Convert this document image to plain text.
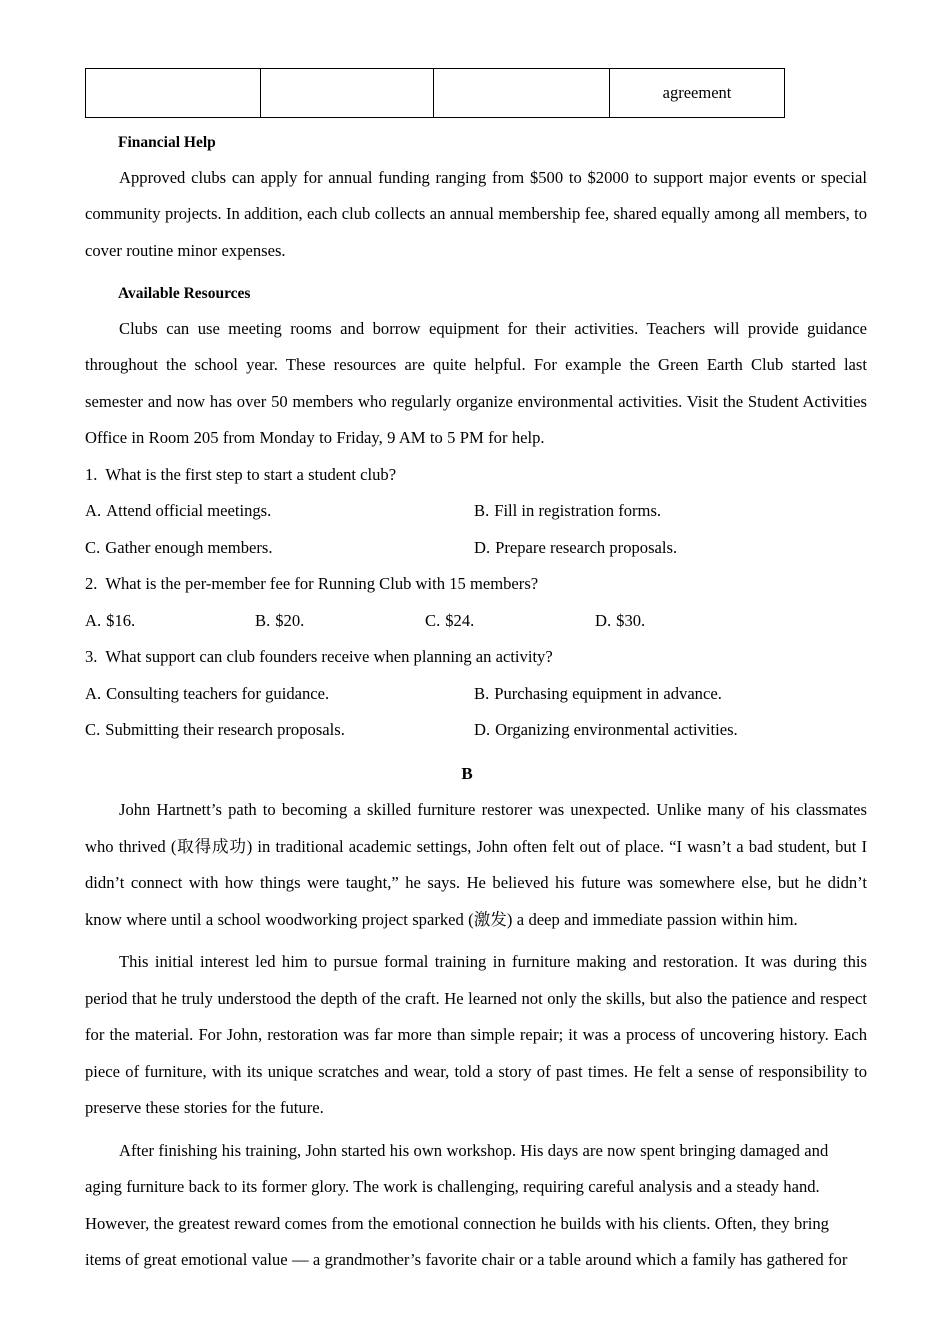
			agreement
Financial Help

Approved clubs can apply for annual funding ranging from $500 to $2000 to support major events or special community projects. In addition, each club collects an annual membership fee, shared equally among all members, to cover routine minor expenses.

Available Resources

Clubs can use meeting rooms and borrow equipment for their activities. Teachers will provide guidance throughout the school year. These resources are quite helpful. For example the Green Earth Club started last semester and now has over 50 members who regularly organize environmental activities. Visit the Student Activities Office in Room 205 from Monday to Friday, 9 AM to 5 PM for help.

1. What is the first step to start a student club?
A. Attend official meetings.	B. Fill in registration forms.
C. Gather enough members.	D. Prepare research proposals.
2. What is the per-member fee for Running Club with 15 members?
A. $16.	B. $20.	C. $24.	D. $30.
3. What support can club founders receive when planning an activity?
A. Consulting teachers for guidance.	B. Purchasing equipment in advance.
C. Submitting their research proposals.	D. Organizing environmental activities.
B

John Hartnett’s path to becoming a skilled furniture restorer was unexpected. Unlike many of his classmates who thrived (取得成功) in traditional academic settings, John often felt out of place. “I wasn’t a bad student, but I didn’t connect with how things were taught,” he says. He believed his future was somewhere else, but he didn’t know where until a school woodworking project sparked (激发) a deep and immediate passion within him.

This initial interest led him to pursue formal training in furniture making and restoration. It was during this period that he truly understood the depth of the craft. He learned not only the skills, but also the patience and respect for the material. For John, restoration was far more than simple repair; it was a process of uncovering history. Each piece of furniture, with its unique scratches and wear, told a story of past times. He felt a sense of responsibility to preserve these stories for the future.

After finishing his training, John started his own workshop. His days are now spent bringing damaged and aging furniture back to its former glory. The work is challenging, requiring careful analysis and a steady hand. However, the greatest reward comes from the emotional connection he builds with his clients. Often, they bring items of great emotional value — a grandmother’s favorite chair or a table around which a family has gathered for
